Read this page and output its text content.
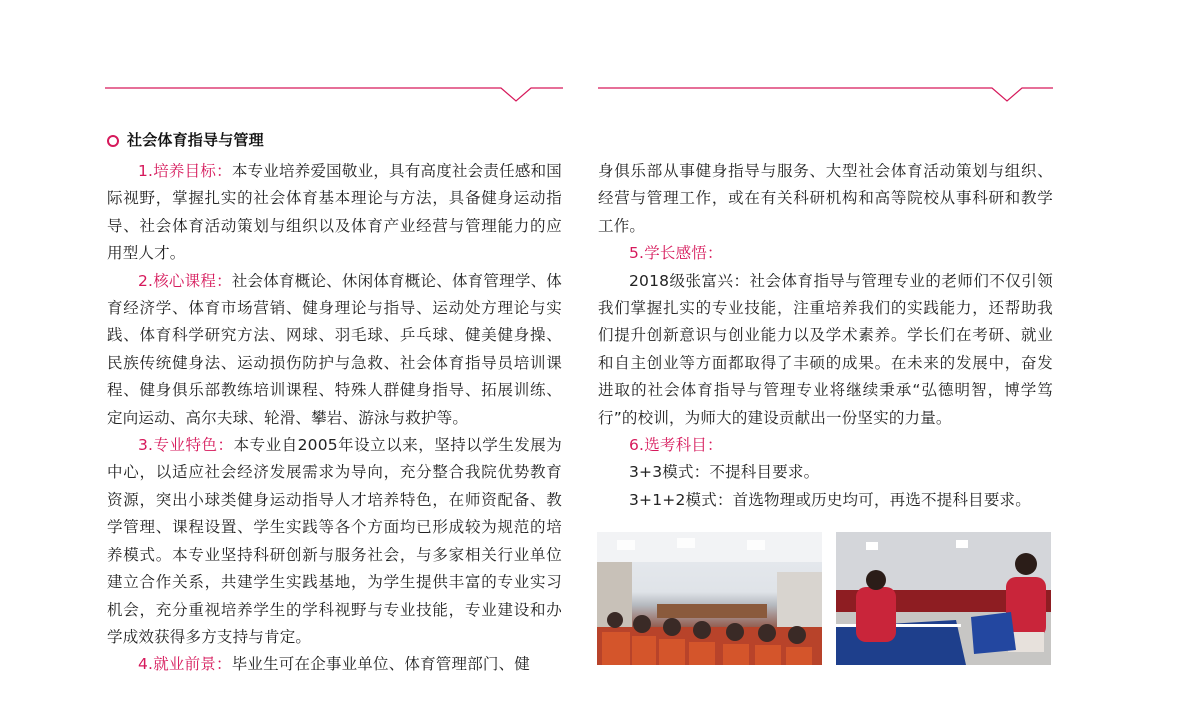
社会体育指导与管理

1.培养目标：本专业培养爱国敬业，具有高度社会责任感和国际视野，掌握扎实的社会体育基本理论与方法，具备健身运动指导、社会体育活动策划与组织以及体育产业经营与管理能力的应用型人才。

2.核心课程：社会体育概论、休闲体育概论、体育管理学、体育经济学、体育市场营销、健身理论与指导、运动处方理论与实践、体育科学研究方法、网球、羽毛球、乒乓球、健美健身操、民族传统健身法、运动损伤防护与急救、社会体育指导员培训课程、健身俱乐部教练培训课程、特殊人群健身指导、拓展训练、定向运动、高尔夫球、轮滑、攀岩、游泳与救护等。

3.专业特色：本专业自2005年设立以来，坚持以学生发展为中心，以适应社会经济发展需求为导向，充分整合我院优势教育资源，突出小球类健身运动指导人才培养特色，在师资配备、教学管理、课程设置、学生实践等各个方面均已形成较为规范的培养模式。本专业坚持科研创新与服务社会，与多家相关行业单位建立合作关系，共建学生实践基地，为学生提供丰富的专业实习机会，充分重视培养学生的学科视野与专业技能，专业建设和办学成效获得多方支持与肯定。

4.就业前景：毕业生可在企事业单位、体育管理部门、健

身俱乐部从事健身指导与服务、大型社会体育活动策划与组织、经营与管理工作，或在有关科研机构和高等院校从事科研和教学工作。

5.学长感悟：

2018级张富兴：社会体育指导与管理专业的老师们不仅引领我们掌握扎实的专业技能，注重培养我们的实践能力，还帮助我们提升创新意识与创业能力以及学术素养。学长们在考研、就业和自主创业等方面都取得了丰硕的成果。在未来的发展中，奋发进取的社会体育指导与管理专业将继续秉承“弘德明智，博学笃行”的校训，为师大的建设贡献出一份坚实的力量。

6.选考科目：

3+3模式：不提科目要求。

3+1+2模式：首选物理或历史均可，再选不提科目要求。
